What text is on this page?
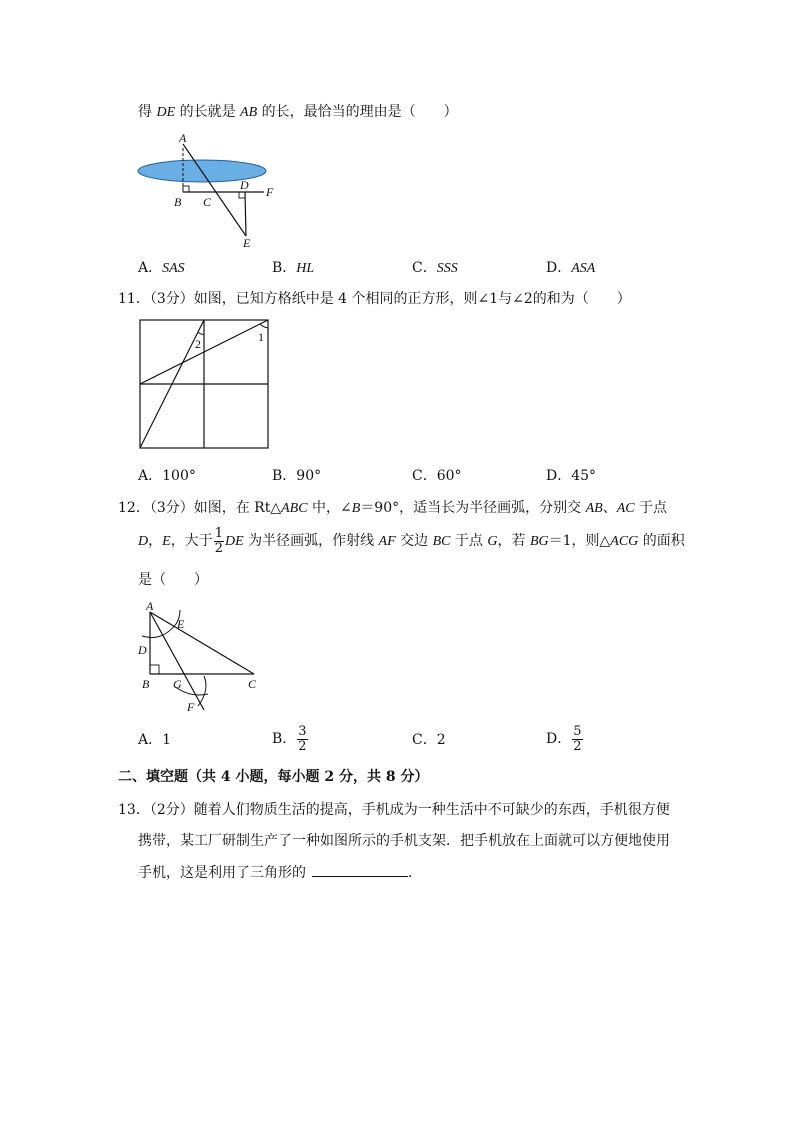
得 DE 的长就是 AB 的长，最恰当的理由是（　　）
A
B C
D F
E
A．SAS	B．HL	C．SSS	D．ASA
11．（3分）如图，已知方格纸中是 4 个相同的正方形，则∠1与∠2的和为（　　）
1
2
A．100°	B．90°	C．60°	D．45°
12．（3分）如图，在 Rt△ABC 中，∠B＝90°，适当长为半径画弧，分别交 AB、AC 于点
D，E，大于 $\frac{1}{2}$ DE 为半径画弧，作射线 AF 交边 BC 于点 G，若 BG＝1，则△ACG 的面积
是（　　）
A
E
D
B G	C
F
A．1	B． $\frac{3}{2}$	C．2	D． $\frac{5}{2}$
二、填空题（共 4 小题，每小题 2 分，共 8 分）
13．（2分）随着人们物质生活的提高，手机成为一种生活中不可缺少的东西，手机很方便
携带，某工厂研制生产了一种如图所示的手机支架．把手机放在上面就可以方便地使用
手机，这是利用了三角形的	．
